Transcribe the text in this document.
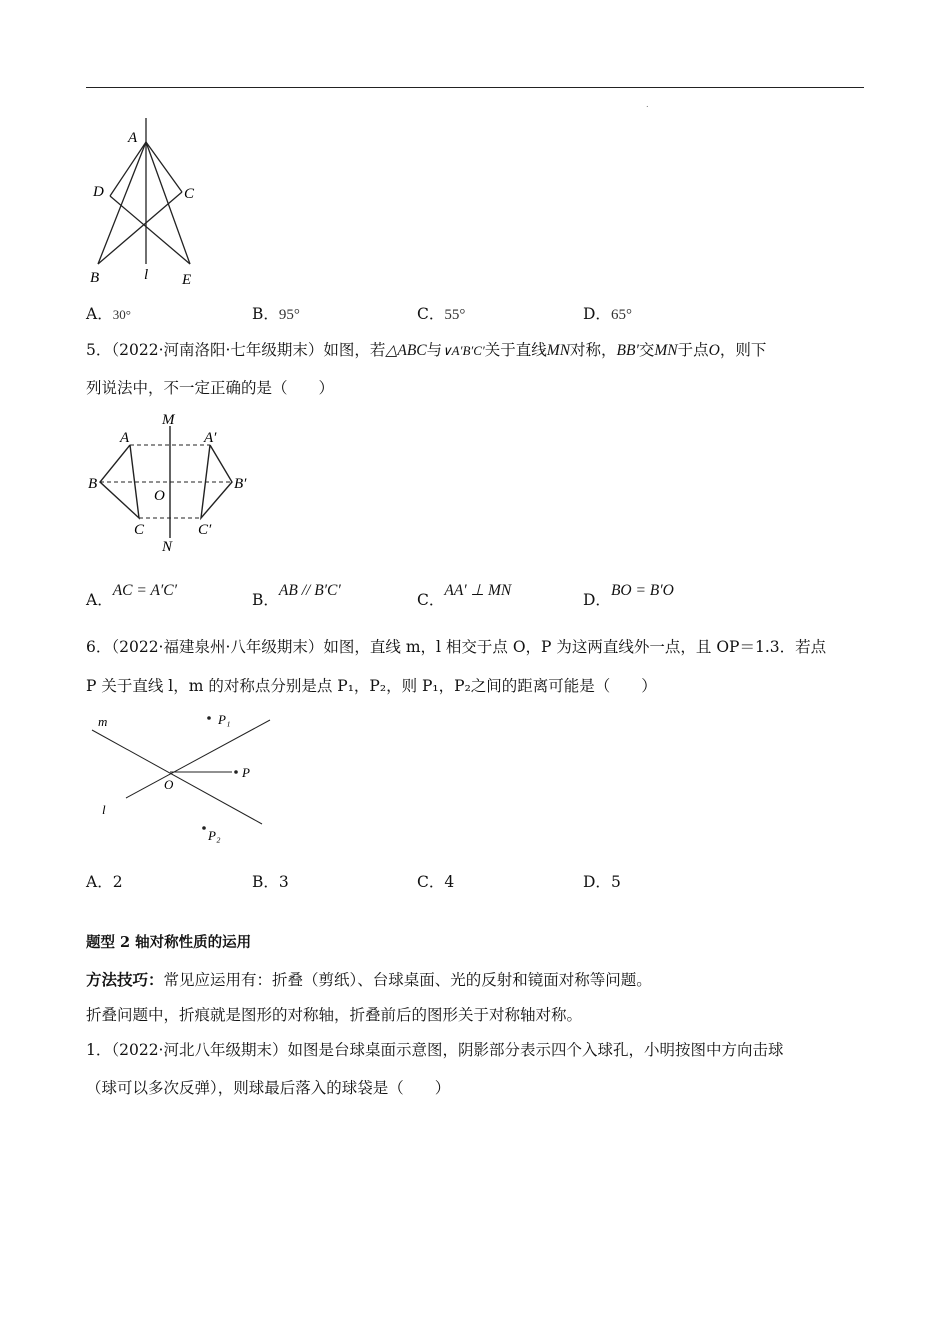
.
A
D	C
B	l E
A．30°	B．95°	C．55°	D．65°
5．（2022·河南洛阳·七年级期末）如图，若△ABC与∨A′B′C′关于直线MN对称，BB′交MN于点O，则下
列说法中，不一定正确的是（　　）
M
A	A′
B
O
B′
C	C′
N
A．AC = A′C′
B．AB // B′C′
C．AA′ ⊥ MN
D．BO = B′O
6．（2022·福建泉州·八年级期末）如图，直线 m，l 相交于点 O，P 为这两直线外一点，且 OP＝1.3．若点
P 关于直线 l，m 的对称点分别是点 P₁，P₂，则 P₁，P₂之间的距离可能是（　　）
m	P₁
O
P
l
P₂
A．2	B．3	C．4	D．5
题型 2 轴对称性质的运用
方法技巧：常见应运用有：折叠（剪纸）、台球桌面、光的反射和镜面对称等问题。
折叠问题中，折痕就是图形的对称轴，折叠前后的图形关于对称轴对称。
1．（2022·河北八年级期末）如图是台球桌面示意图，阴影部分表示四个入球孔，小明按图中方向击球
（球可以多次反弹），则球最后落入的球袋是（　　）
